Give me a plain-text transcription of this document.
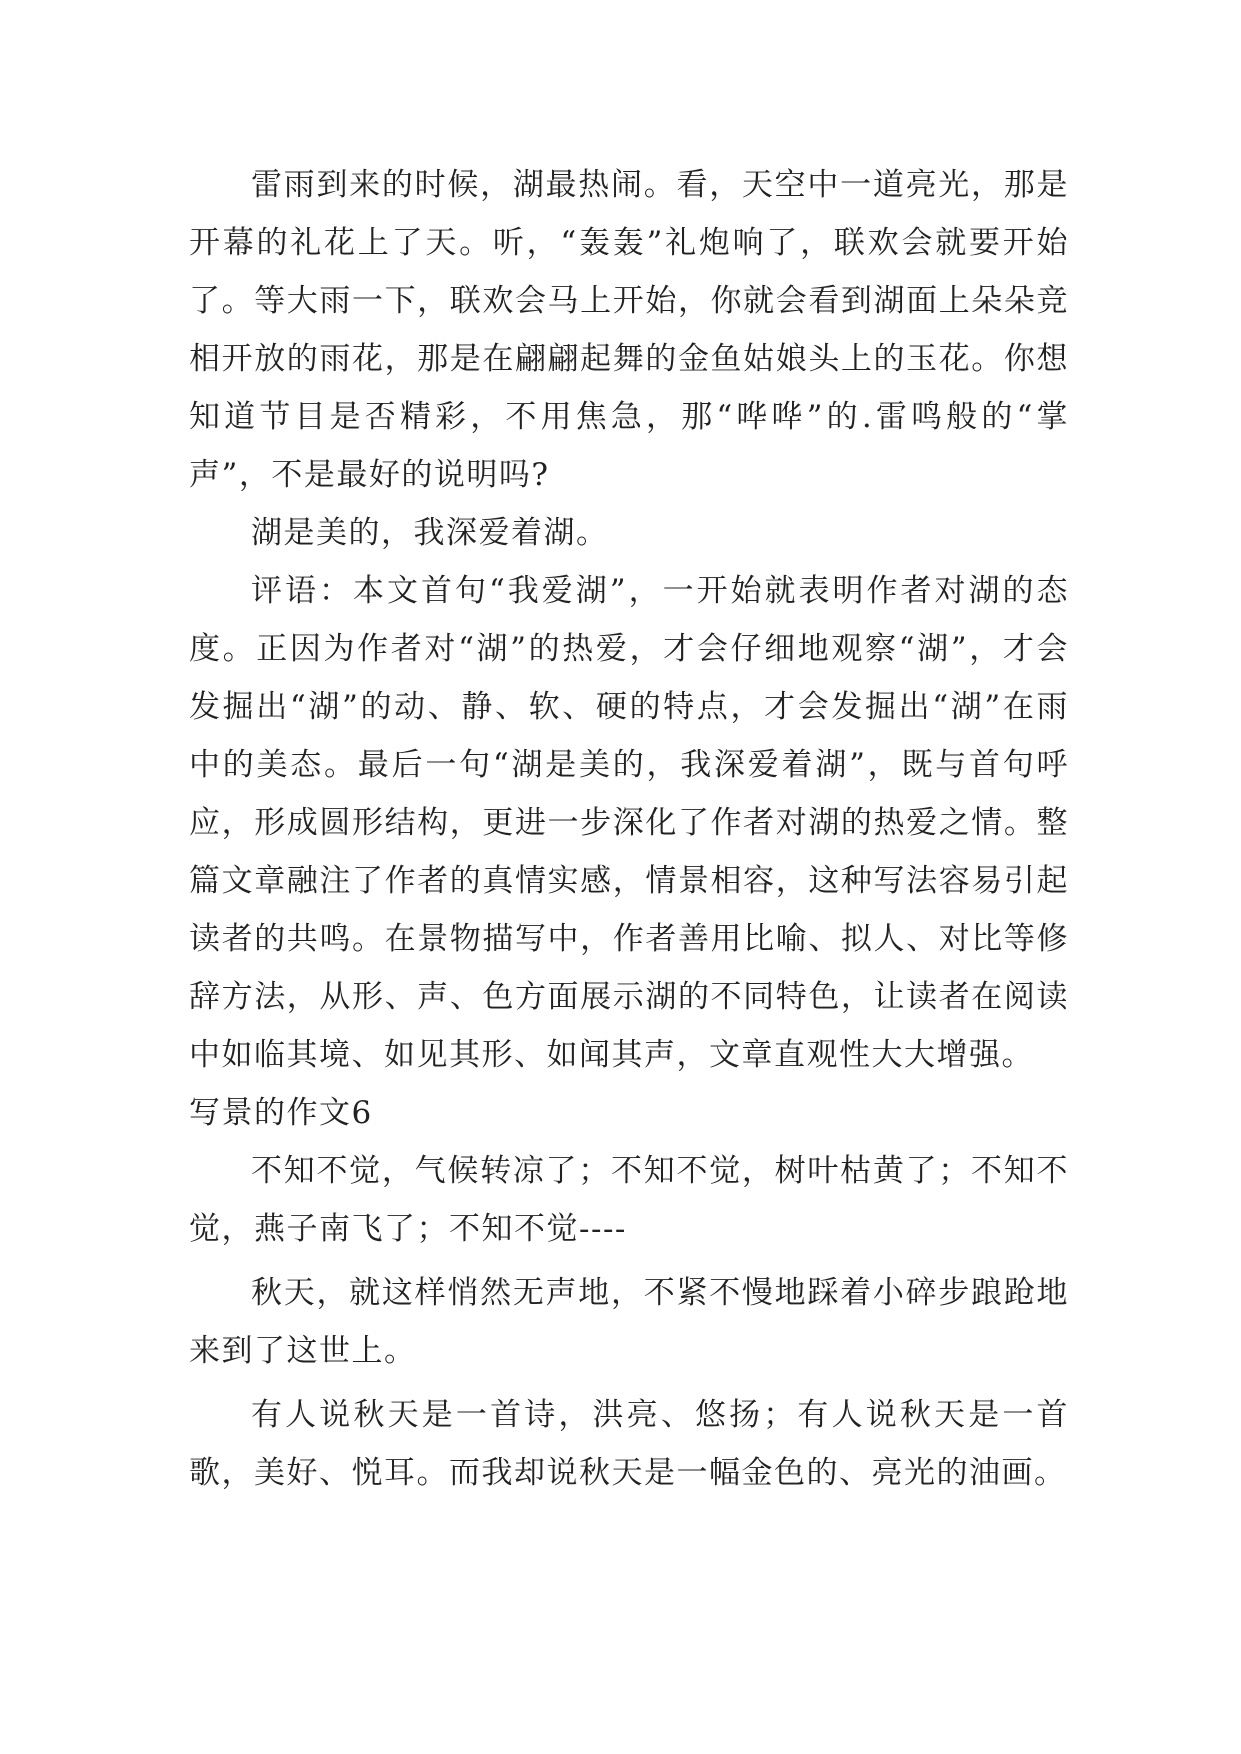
雷雨到来的时候，湖最热闹。看，天空中一道亮光，那是开幕的礼花上了天。听，“轰轰”礼炮响了，联欢会就要开始了。等大雨一下，联欢会马上开始，你就会看到湖面上朵朵竞相开放的雨花，那是在翩翩起舞的金鱼姑娘头上的玉花。你想知道节目是否精彩，不用焦急，那“哗哗”的.雷鸣般的“掌声”，不是最好的说明吗?

湖是美的，我深爱着湖。

评语：本文首句“我爱湖”，一开始就表明作者对湖的态度。正因为作者对“湖”的热爱，才会仔细地观察“湖”，才会发掘出“湖”的动、静、软、硬的特点，才会发掘出“湖”在雨中的美态。最后一句“湖是美的，我深爱着湖”，既与首句呼应，形成圆形结构，更进一步深化了作者对湖的热爱之情。整篇文章融注了作者的真情实感，情景相容，这种写法容易引起读者的共鸣。在景物描写中，作者善用比喻、拟人、对比等修辞方法，从形、声、色方面展示湖的不同特色，让读者在阅读中如临其境、如见其形、如闻其声，文章直观性大大增强。

写景的作文6

不知不觉，气候转凉了；不知不觉，树叶枯黄了；不知不觉，燕子南飞了；不知不觉----

秋天，就这样悄然无声地，不紧不慢地踩着小碎步踉跄地来到了这世上。

有人说秋天是一首诗，洪亮、悠扬；有人说秋天是一首歌，美好、悦耳。而我却说秋天是一幅金色的、亮光的油画。
